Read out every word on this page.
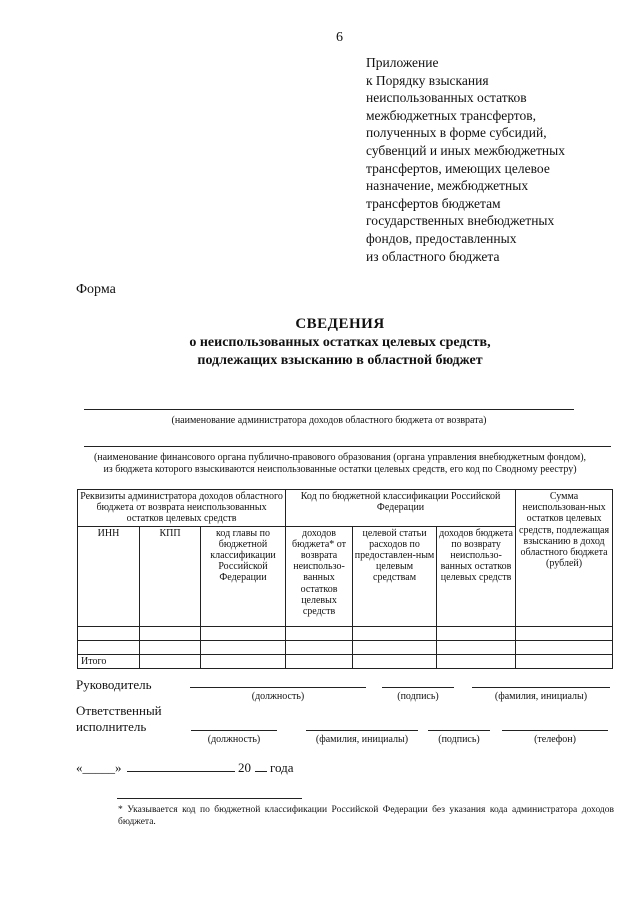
6
Приложение
к Порядку взыскания
неиспользованных остатков
межбюджетных трансфертов,
полученных в форме субсидий,
субвенций и иных межбюджетных
трансфертов, имеющих целевое
назначение, межбюджетных
трансфертов бюджетам
государственных внебюджетных
фондов, предоставленных
из областного бюджета
Форма
СВЕДЕНИЯ
о неиспользованных остатках целевых средств,
подлежащих взысканию в областной бюджет
(наименование администратора доходов областного бюджета от возврата)
(наименование финансового органа публично-правового образования (органа управления внебюджетным фондом),
из бюджета которого взыскиваются неиспользованные остатки целевых средств, его код по Сводному реестру)
Реквизиты администратора доходов областного бюджета от возврата неиспользованных остатков целевых средств			Код по бюджетной классификации Российской Федерации			Сумма неиспользован-ных остатков целевых средств, подлежащая взысканию в доход областного бюджета (рублей)
ИНН	КПП	код главы по бюджетной классификации Российской Федерации	доходов бюджета* от возврата неиспользо-ванных остатков целевых средств	целевой статьи расходов по предоставлен-ным целевым средствам	доходов бюджета по возврату неиспользо-ванных остатков целевых средств	

Итого						
Руководитель
(должность)	(подпись)	(фамилия, инициалы)
Ответственный
исполнитель
(должность)	(фамилия, инициалы)	(подпись)	(телефон)
«_____»	20 года
* Указывается код по бюджетной классификации Российской Федерации без указания кода администратора доходов бюджета.
